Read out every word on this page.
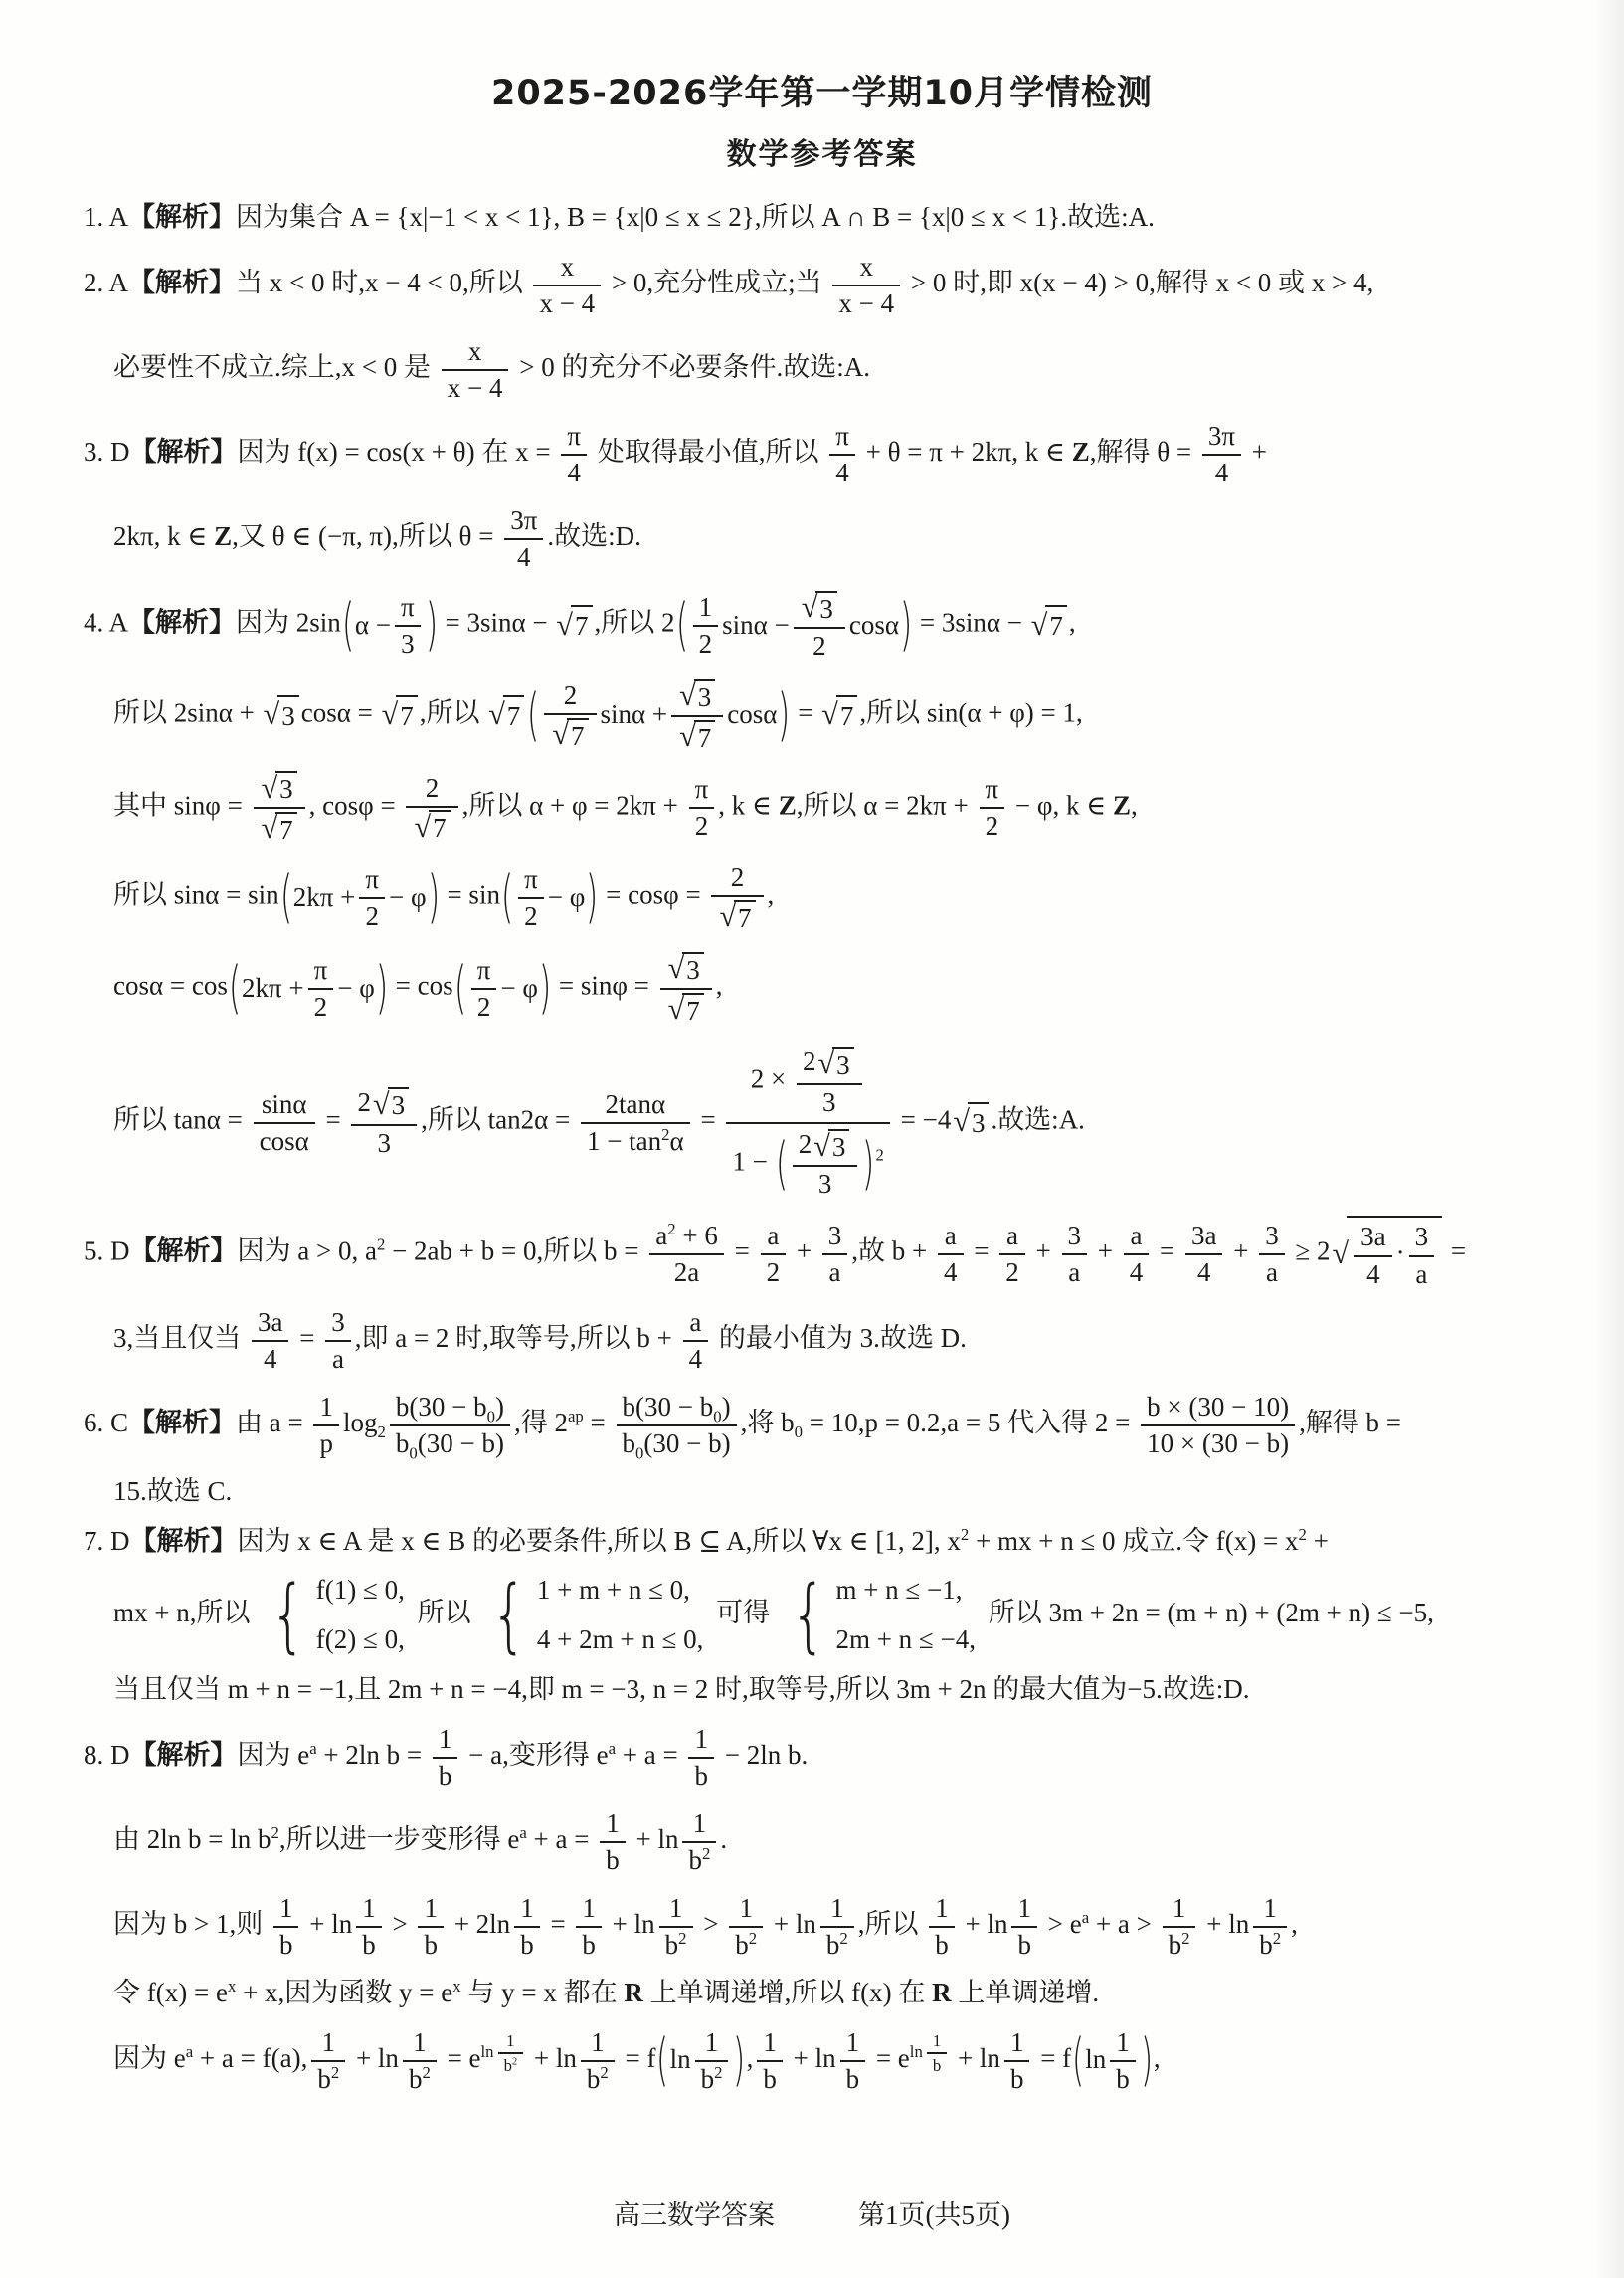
2025-2026学年第一学期10月学情检测
数学参考答案
1. A【解析】因为集合 A = {x|−1 < x < 1}, B = {x|0 ≤ x ≤ 2},所以 A ∩ B = {x|0 ≤ x < 1}.故选:A.
2. A【解析】当 x < 0 时,x − 4 < 0,所以 $\frac{x}{x - 4} > 0$,充分性成立;当 $\frac{x}{x - 4} > 0$ 时,即 x(x − 4) > 0,解得 x < 0 或 x > 4,
必要性不成立.综上,x < 0 是 $\frac{x}{x - 4} > 0$ 的充分不必要条件.故选:A.
3. D【解析】因为 f(x) = cos(x + θ) 在 $x = \frac{\pi}{4}$ 处取得最小值,所以 $\frac{\pi}{4} + \theta = \pi + 2k\pi$, k ∈ Z,解得 $\theta = \frac{3\pi}{4}$ +
2kπ, k ∈ Z,又 θ ∈ (−π, π),所以 $\theta = \frac{3\pi}{4}$ .故选:D.
4. A【解析】因为 2sin ( α −
π
3 ) = 3sinα − √ 7 ,所以 2 ( 1
2
sinα −
√ 3
2
cosα ) = 3sinα − √ 7 ,
所以 2sinα + √ 3 cosα = √ 7 ,所以 √ 7 ( 2
√ 7
sinα +
√ 3
√ 7
cosα ) = √ 7 ,所以 sin(α + φ) = 1,
其中 $\sin\varphi = \frac{√ 3}{√ 7}$ , $\cos\varphi = \frac{2}{√ 7}$ ,所以 $\alpha + \varphi = 2k\pi + \frac{\pi}{2}$ , k ∈ Z,所以 $\alpha = 2k\pi + \frac{\pi}{2} - \varphi$, k ∈ Z,
所以 sinα = sin ( 2kπ +
π
2
− φ ) = sin ( π
2
− φ ) = $\cos\varphi = \frac{2}{√ 7}$ ,
cosα = cos ( 2kπ +
π
2
− φ ) = cos ( π
2
− φ ) = $\sin\varphi = \frac{√ 3}{√ 7}$ ,
所以 $\tan\alpha = \frac{\sin\alpha}{\cos\alpha} = \frac{2 √ 3}{3}$ ,所以 $\tan 2\alpha = \frac{2\tan\alpha}{1 - \tan^2\alpha} = 2 \times \frac{2 √ 3}{3}$
1 − ( 2 √ 3
3 ) $^2$ = −4 √ 3 .故选:A.
5. D【解析】因为 a > 0, $a^2 - 2ab + b = 0$,所以 $b = \frac{a^2 + 6}{2a} = \frac{a}{2} + \frac{3}{a}$ ,故 $b + \frac{a}{4} = \frac{a}{2} + \frac{3}{a} + \frac{a}{4} = \frac{3a}{4} + \frac{3}{a} \ge 2$ √ $\frac{3a}{4} \cdot \frac{3}{a}$ =
3,当且仅当 $\frac{3a}{4} = \frac{3}{a}$ ,即 a = 2 时,取等号,所以 $b + \frac{a}{4}$ 的最小值为 3.故选 D.
6. C【解析】由 $a = \frac{1}{p} \log_2 \frac{b(30 - b_0)}{b_0(30 - b)}$ ,得 $2^{ap} = \frac{b(30 - b_0)}{b_0(30 - b)}$ ,将 $b_0 = 10,p = 0.2,a = 5$ 代入得 $2 = \frac{b \times (30 - 10)}{10 \times (30 - b)}$ ,解得 b =
15.故选 C.
7. D【解析】因为 x ∈ A 是 x ∈ B 的必要条件,所以 B ⊆ A,所以 ∀x ∈ [1, 2], $x^2$ + mx + n ≤ 0 成立.令 $f(x) = x^2$ +
mx + n,所以 { f(1) ≤ 0,
f(2) ≤ 0,
所以 { 1 + m + n ≤ 0,
4 + 2m + n ≤ 0,
可得 { m + n ≤ −1,
2m + n ≤ −4,
所以 3m + 2n = (m + n) + (2m + n) ≤ −5,
当且仅当 m + n = −1,且 2m + n = −4,即 m = −3, n = 2 时,取等号,所以 3m + 2n 的最大值为−5.故选:D.
8. D【解析】因为 $e^a + 2\ln$ $b = \frac{1}{b} - a$,变形得 $e^a + a = \frac{1}{b} - 2\ln$ b.
由 2ln $b = \ln b^2$,所以进一步变形得 $e^a + a = \frac{1}{b} + \ln \frac{1}{b^2}$ .
因为 b > 1,则 $\frac{1}{b} + \ln \frac{1}{b} > \frac{1}{b} + 2\ln \frac{1}{b} = \frac{1}{b} + \ln \frac{1}{b^2} > \frac{1}{b^2} + \ln \frac{1}{b^2}$ ,所以 $\frac{1}{b} + \ln \frac{1}{b} > e^a + a > \frac{1}{b^2} + \ln \frac{1}{b^2}$ ,
令 $f(x) = e^x + x$,因为函数 $y = e^x$ 与 y = x 都在 R 上单调递增,所以 f(x) 在 R 上单调递增.
因为 $e^a + a = f(a)$, $\frac{1}{b^2} + \ln \frac{1}{b^2} = e^{ln \frac{1}{b^2}} + \ln \frac{1}{b^2} = f$ ( ln
1
$b^2$ ) , $\frac{1}{b} + \ln \frac{1}{b} = e^{ln \frac{1}{b}} + \ln \frac{1}{b} = f$ ( ln
1
b ) ,
高三数学答案	第1页(共5页)
